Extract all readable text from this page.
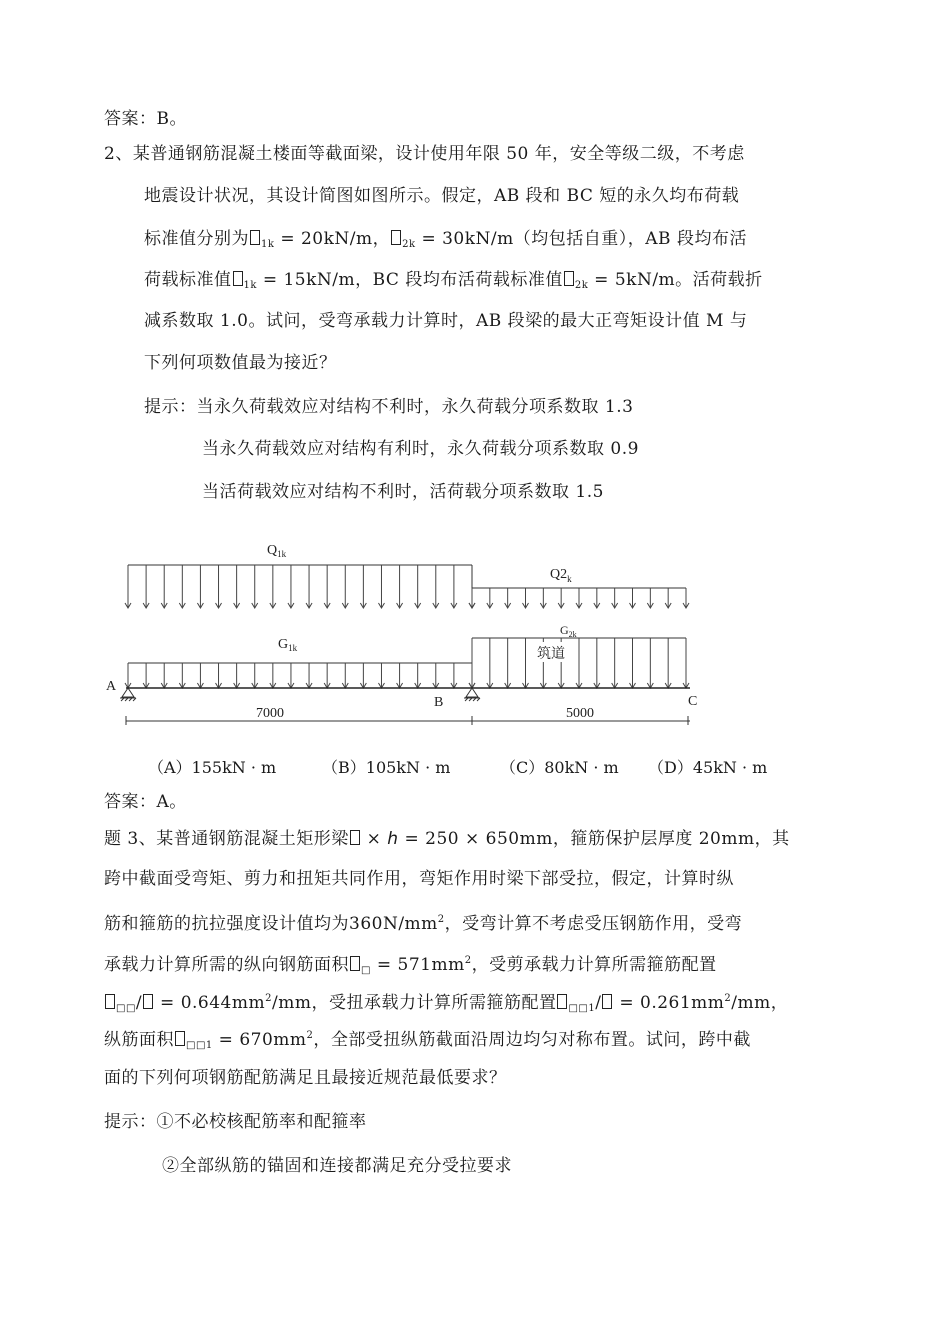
答案：B。
2、某普通钢筋混凝土楼面等截面梁，设计使用年限 50 年，安全等级二级，不考虑
地震设计状况，其设计简图如图所示。假定，AB 段和 BC 短的永久均布荷载
标准值分别为 $_{1k}$ = 20kN/m， $_{2k}$ = 30kN/m（均包括自重），AB 段均布活
荷载标准值 $_{1k}$ = 15kN/m，BC 段均布活荷载标准值 $_{2k}$ = 5kN/m。活荷载折
减系数取 1.0。试问，受弯承载力计算时，AB 段梁的最大正弯矩设计值 M 与
下列何项数值最为接近？
提示：当永久荷载效应对结构不利时，永久荷载分项系数取 1.3
当永久荷载效应对结构有利时，永久荷载分项系数取 0.9
当活荷载效应对结构不利时，活荷载分项系数取 1.5
$Q_{1k}$
$Q2_k$
$G_{1k}$
$G_{2k}$
筑道
A
B	C
7000	5000
（A）155kN · m	（B）105kN · m	（C）80kN · m （D）45kN · m
答案：A。
题 3、某普通钢筋混凝土矩形梁 × h = 250 × 650mm，箍筋保护层厚度 20mm，其
跨中截面受弯矩、剪力和扭矩共同作用，弯矩作用时梁下部受拉，假定，计算时纵
筋和箍筋的抗拉强度设计值均为$360N/mm^2$，受弯计算不考虑受压钢筋作用，受弯
承载力计算所需的纵向钢筋面积 $_□ = 571mm^2$，受剪承载力计算所需箍筋配置
$_{□□}/ = 0.644mm^2/mm$，受扭承载力计算所需箍筋配置 $_{□□1}/ = 0.261mm^2/mm$，
纵筋面积 $_{□□1} = 670mm^2$，全部受扭纵筋截面沿周边均匀对称布置。试问，跨中截
面的下列何项钢筋配筋满足且最接近规范最低要求？
提示：①不必校核配筋率和配箍率
②全部纵筋的锚固和连接都满足充分受拉要求
